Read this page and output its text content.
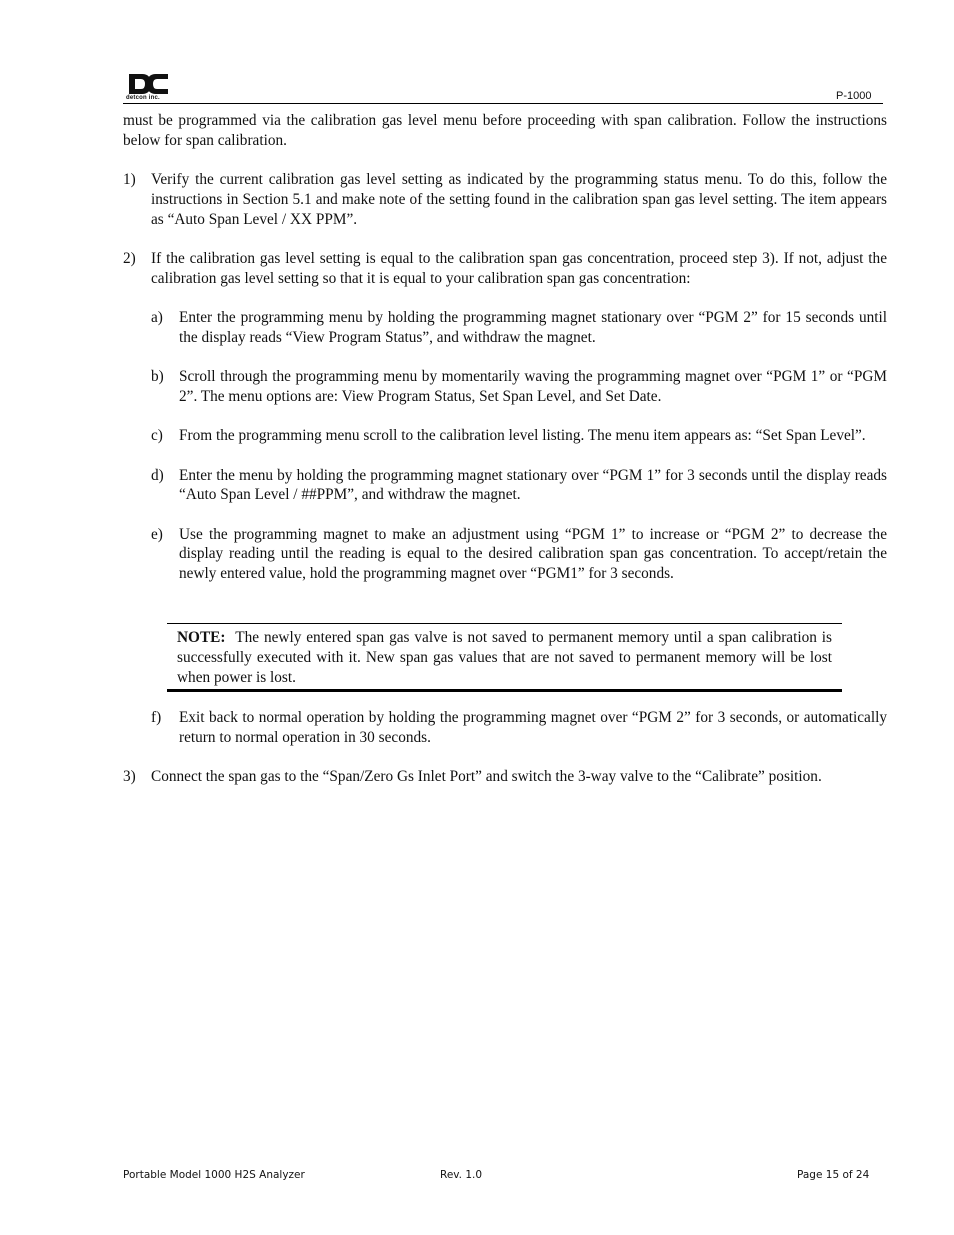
detcon inc.	P-1000

must be programmed via the calibration gas level menu before proceeding with span calibration. Follow the instructions below for span calibration.

1) Verify the current calibration gas level setting as indicated by the programming status menu. To do this, follow the instructions in Section 5.1 and make note of the setting found in the calibration span gas level setting. The item appears as “Auto Span Level / XX PPM”.
2) If the calibration gas level setting is equal to the calibration span gas concentration, proceed step 3). If not, adjust the calibration gas level setting so that it is equal to your calibration span gas concentration:
a) Enter the programming menu by holding the programming magnet stationary over “PGM 2” for 15 seconds until the display reads “View Program Status”, and withdraw the magnet.
b) Scroll through the programming menu by momentarily waving the programming magnet over “PGM 1” or “PGM 2”. The menu options are: View Program Status, Set Span Level, and Set Date.
c) From the programming menu scroll to the calibration level listing. The menu item appears as: “Set Span Level”.
d) Enter the menu by holding the programming magnet stationary over “PGM 1” for 3 seconds until the display reads “Auto Span Level / ##PPM”, and withdraw the magnet.
e) Use the programming magnet to make an adjustment using “PGM 1” to increase or “PGM 2” to decrease the display reading until the reading is equal to the desired calibration span gas concentration. To accept/retain the newly entered value, hold the programming magnet over “PGM1” for 3 seconds.
f) Exit back to normal operation by holding the programming magnet over “PGM 2” for 3 seconds, or automatically return to normal operation in 30 seconds.
3) Connect the span gas to the “Span/Zero Gs Inlet Port” and switch the 3-way valve to the “Calibrate” position.
NOTE: The newly entered span gas valve is not saved to permanent memory until a span calibration is successfully executed with it. New span gas values that are not saved to permanent memory will be lost when power is lost.
Portable Model 1000 H2S Analyzer	Rev. 1.0	Page 15 of 24
